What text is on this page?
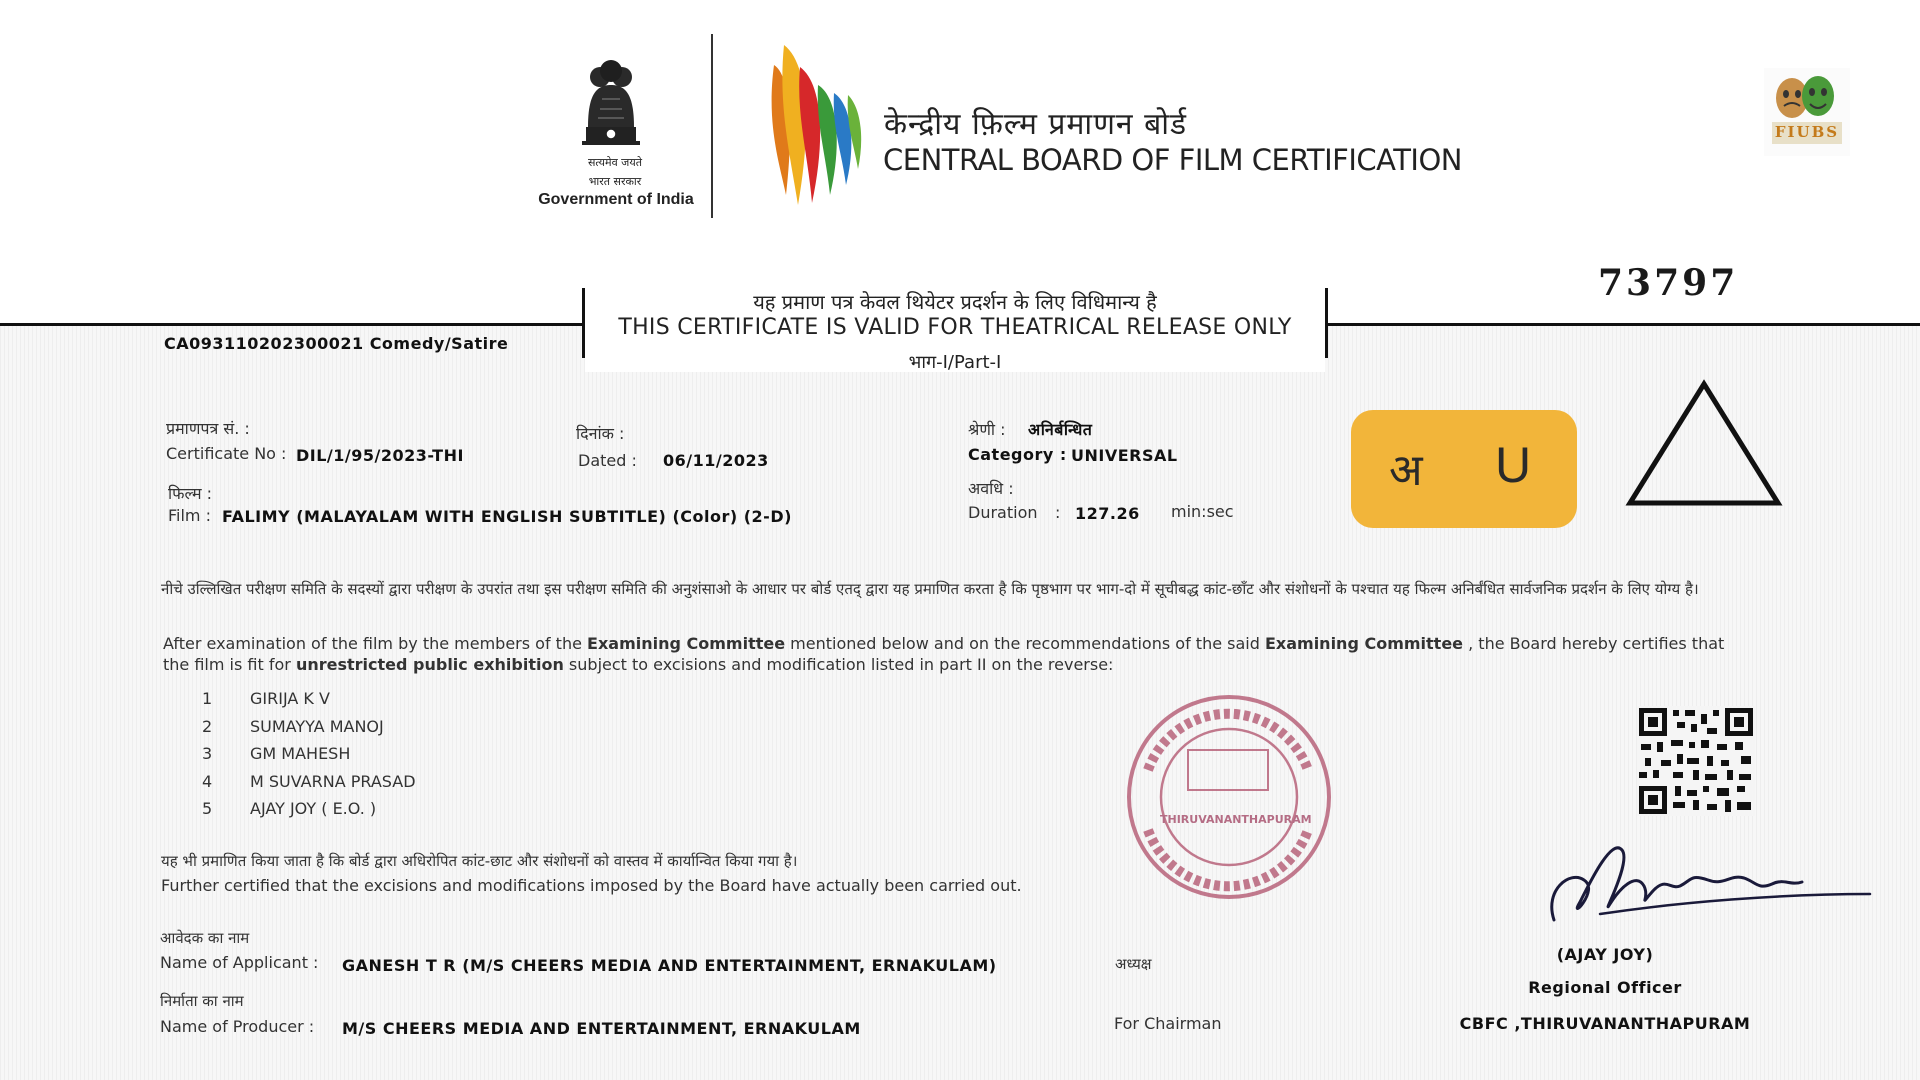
सत्यमेव जयते
भारत सरकार
Government of India
केन्द्रीय फ़िल्म प्रमाणन बोर्ड
CENTRAL BOARD OF FILM CERTIFICATION
FIUBS
73797
यह प्रमाण पत्र केवल थियेटर प्रदर्शन के लिए विधिमान्य है
THIS CERTIFICATE IS VALID FOR THEATRICAL RELEASE ONLY
भाग-I/Part-I
CA093110202300021 Comedy/Satire
प्रमाणपत्र सं. :
Certificate No : DIL/1/95/2023-THI
दिनांक :
Dated : 06/11/2023
श्रेणी : अनिर्बन्धित
Category : UNIVERSAL
अवधि :
Duration : 127.26 min:sec
फिल्म :
Film : FALIMY (MALAYALAM WITH ENGLISH SUBTITLE) (Color) (2-D)
अ U
नीचे उल्लिखित परीक्षण समिति के सदस्यों द्वारा परीक्षण के उपरांत तथा इस परीक्षण समिति की अनुशंसाओ के आधार पर बोर्ड एतद् द्वारा यह प्रमाणित करता है कि पृष्ठभाग पर भाग-दो में सूचीबद्ध कांट-छाँट और संशोधनों के पश्चात यह फिल्म अनिर्बंधित सार्वजनिक प्रदर्शन के लिए योग्य है।
After examination of the film by the members of the Examining Committee mentioned below and on the recommendations of the said Examining Committee , the Board hereby certifies that the film is fit for unrestricted public exhibition subject to excisions and modification listed in part II on the reverse:
1 GIRIJA K V
2 SUMAYYA MANOJ
3 GM MAHESH
4 M SUVARNA PRASAD
5 AJAY JOY ( E.O. )
THIRUVANANTHAPURAM
यह भी प्रमाणित किया जाता है कि बोर्ड द्वारा अधिरोपित कांट-छाट और संशोधनों को वास्तव में कार्यान्वित किया गया है।
Further certified that the excisions and modifications imposed by the Board have actually been carried out.
आवेदक का नाम
Name of Applicant : GANESH T R (M/S CHEERS MEDIA AND ENTERTAINMENT, ERNAKULAM)
निर्माता का नाम
Name of Producer : M/S CHEERS MEDIA AND ENTERTAINMENT, ERNAKULAM
अध्यक्ष
For Chairman
(AJAY JOY)
Regional Officer
CBFC ,THIRUVANANTHAPURAM
